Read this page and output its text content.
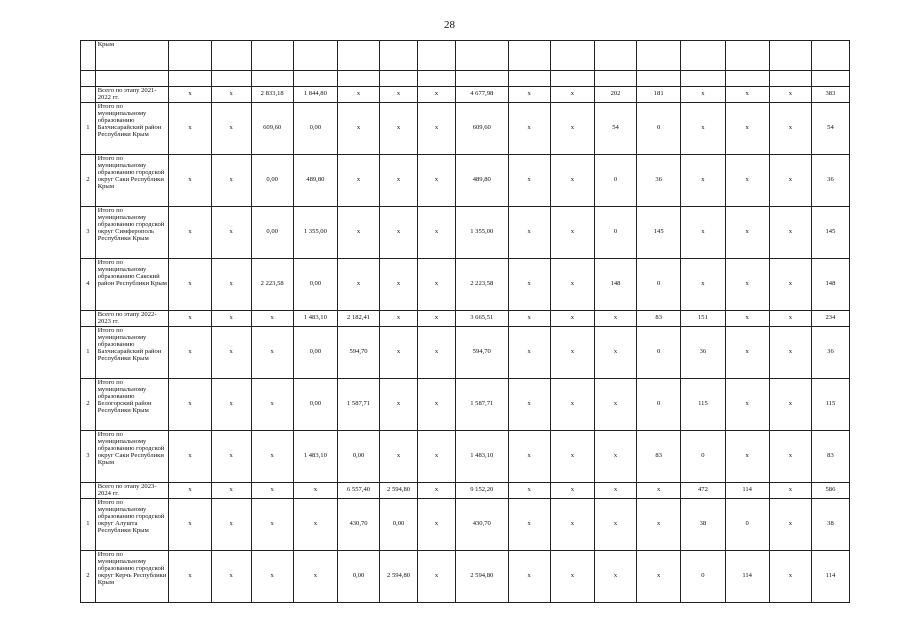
28
	Крым																

	Всего по этапу 2021-2022 гг.	х	х	2 833,18	1 844,80	х	х	х	4 677,98	х	х	202	181	х	х	х	383
1	Итого по муниципальному образованию Бахчисарайский район Республики Крым	х	х	609,60	0,00	х	х	х	609,60	х	х	54	0	х	х	х	54
2	Итого по муниципальному образованию городской округ Саки Республики Крым	х	х	0,00	489,80	х	х	х	489,80	х	х	0	36	х	х	х	36
3	Итого по муниципальному образованию городской округ Симферополь Республики Крым	х	х	0,00	1 355,00	х	х	х	1 355,00	х	х	0	145	х	х	х	145
4	Итого по муниципальному образованию Сакский район Республики Крым	х	х	2 223,58	0,00	х	х	х	2 223,58	х	х	148	0	х	х	х	148
	Всего по этапу 2022-2023 гг.	х	х	х	1 483,10	2 182,41	х	х	3 665,51	х	х	х	83	151	х	х	234
1	Итого по муниципальному образованию Бахчисарайский район Республики Крым	х	х	х	0,00	594,70	х	х	594,70	х	х	х	0	36	х	х	36
2	Итого по муниципальному образованию Белогорский район Республики Крым	х	х	х	0,00	1 587,71	х	х	1 587,71	х	х	х	0	115	х	х	115
3	Итого по муниципальному образованию городской округ Саки Республики Крым	х	х	х	1 483,10	0,00	х	х	1 483,10	х	х	х	83	0	х	х	83
	Всего по этапу 2023-2024 гг.	х	х	х	х	6 557,40	2 594,80	х	9 152,20	х	х	х	х	472	114	х	586
1	Итого по муниципальному образованию городской округ Алушта Республики Крым	х	х	х	х	430,70	0,00	х	430,70	х	х	х	х	38	0	х	38
2	Итого по муниципальному образованию городской округ Керчь Республики Крым	х	х	х	х	0,00	2 594,80	х	2 594,80	х	х	х	х	0	114	х	114
